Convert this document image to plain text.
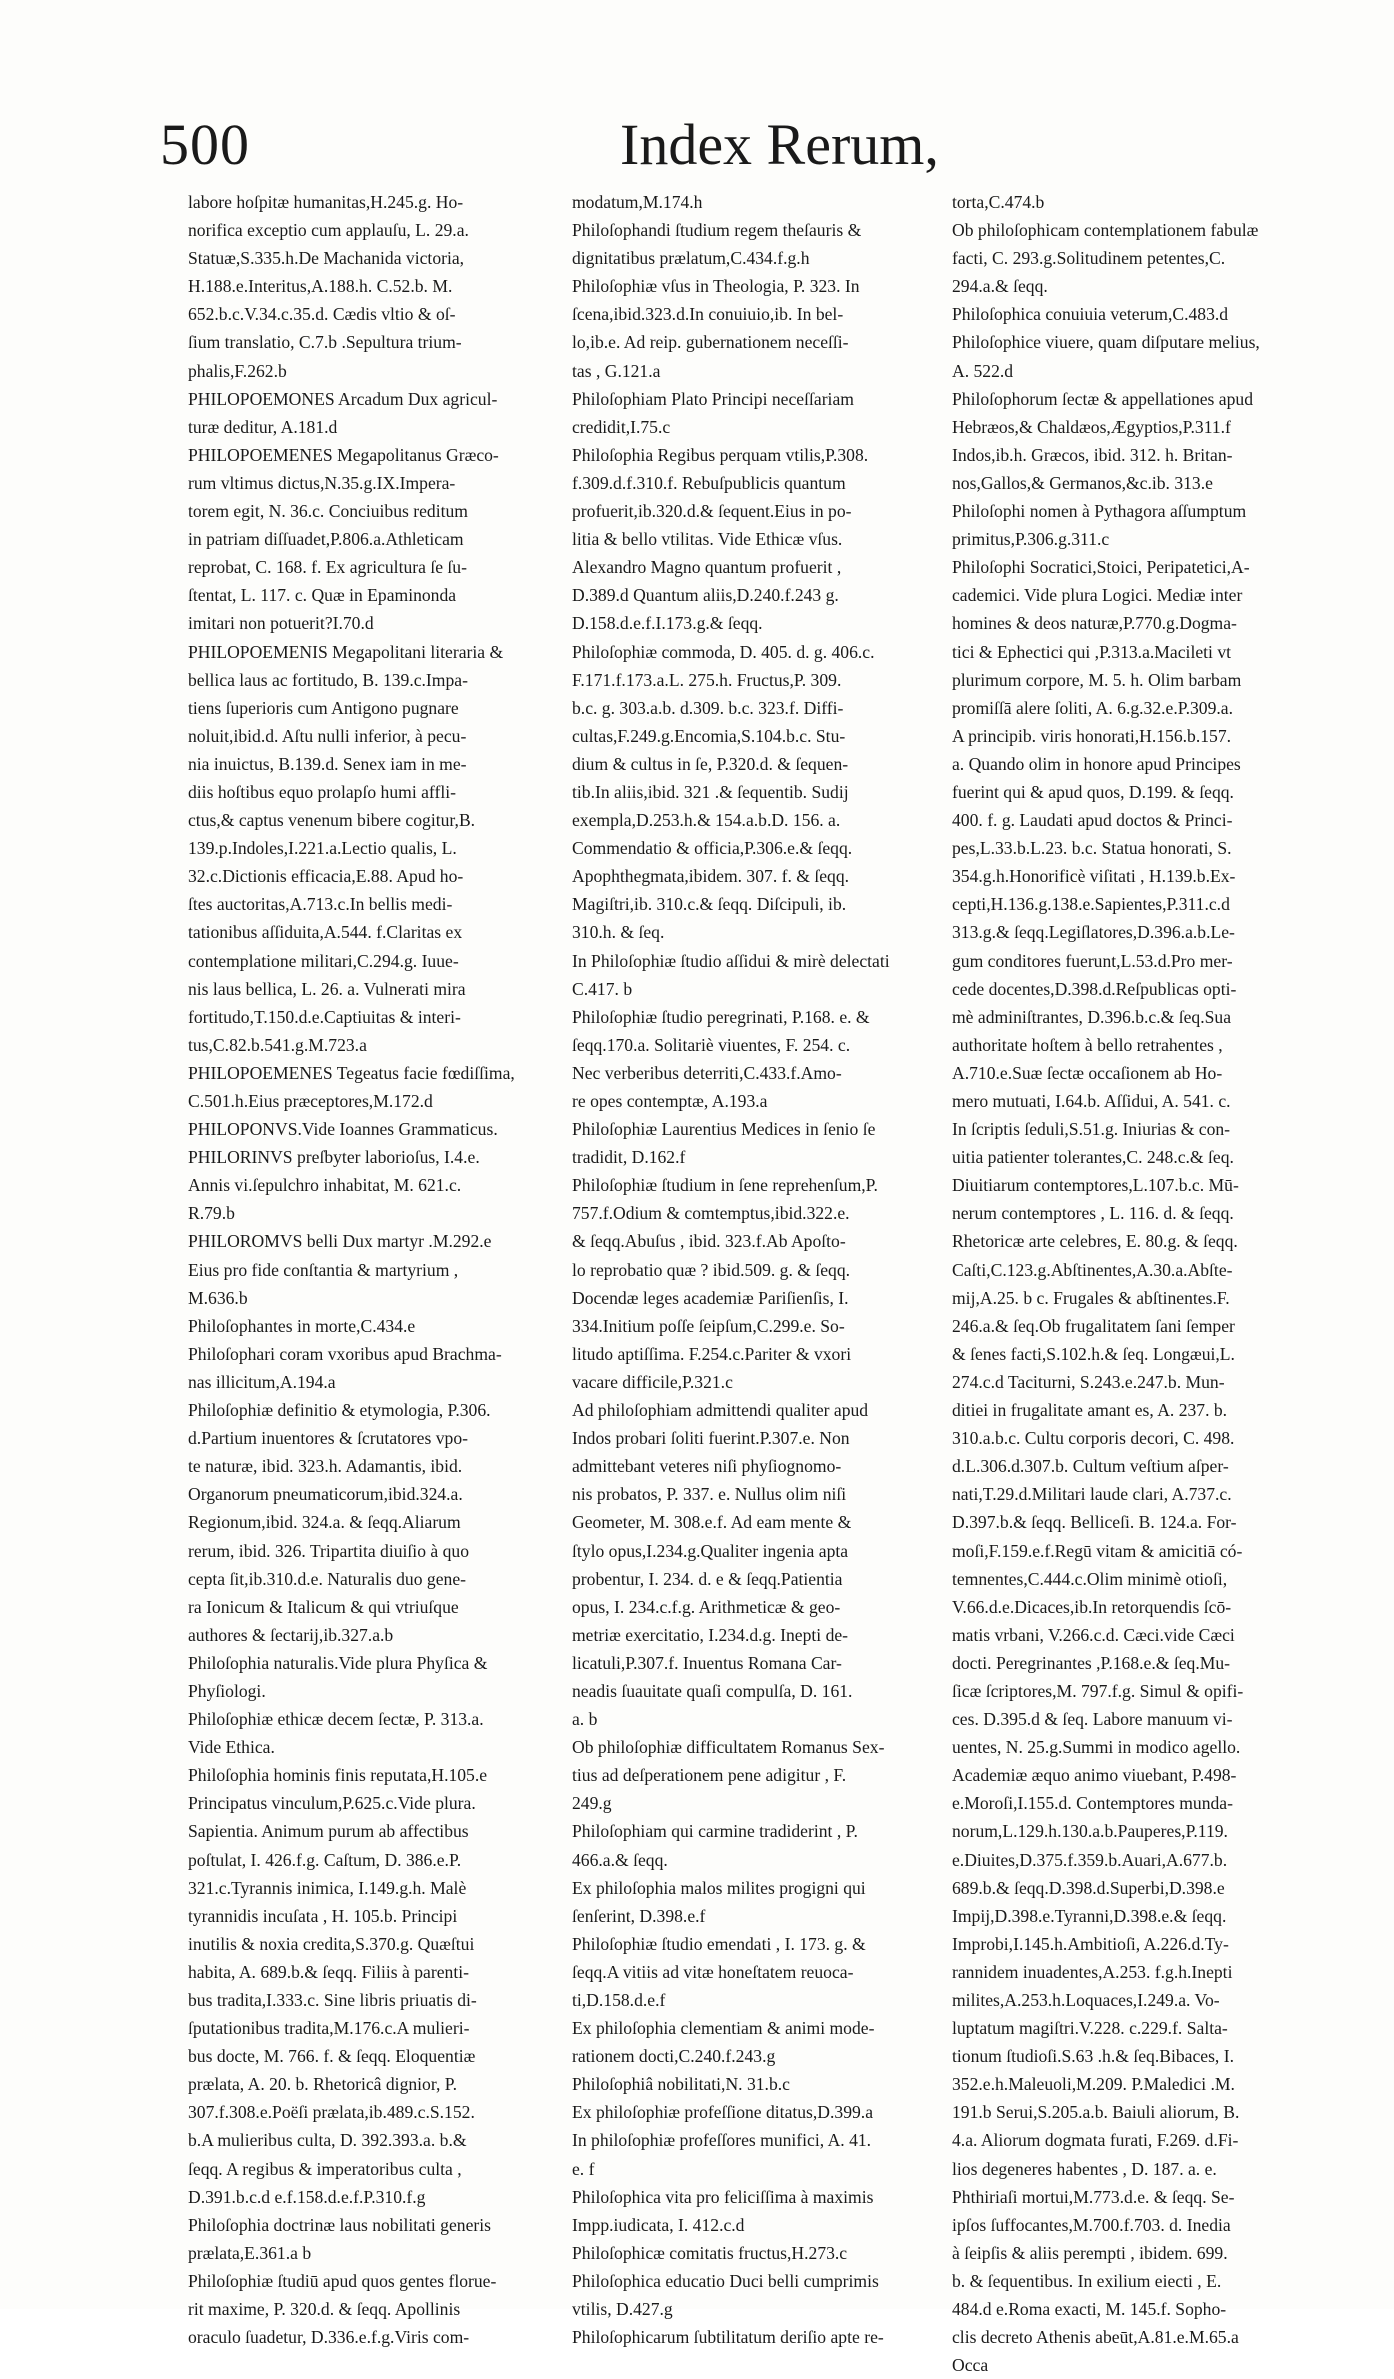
500	Index Rerum,
labore hoſpitæ humanitas,H.245.g. Ho-
norifica exceptio cum applauſu, L. 29.a.
Statuæ,S.335.h.De Machanida victoria,
H.188.e.Interitus,A.188.h. C.52.b. M.
652.b.c.V.34.c.35.d. Cædis vltio & oſ-
ſium translatio, C.7.b .Sepultura trium-
phalis,F.262.b
PHILOPOEMONES Arcadum Dux agricul-
turæ deditur, A.181.d
PHILOPOEMENES Megapolitanus Græco-
rum vltimus dictus,N.35.g.IX.Impera-
torem egit, N. 36.c. Conciuibus reditum
in patriam diſſuadet,P.806.a.Athleticam
reprobat, C. 168. f. Ex agricultura ſe ſu-
ſtentat, L. 117. c. Quæ in Epaminonda
imitari non potuerit?I.70.d
PHILOPOEMENIS Megapolitani literaria &
bellica laus ac fortitudo, B. 139.c.Impa-
tiens ſuperioris cum Antigono pugnare
noluit,ibid.d. Aſtu nulli inferior, à pecu-
nia inuictus, B.139.d. Senex iam in me-
diis hoſtibus equo prolapſo humi affli-
ctus,& captus venenum bibere cogitur,B.
139.p.Indoles,I.221.a.Lectio qualis, L.
32.c.Dictionis efficacia,E.88. Apud ho-
ſtes auctoritas,A.713.c.In bellis medi-
tationibus aſſiduita,A.544. f.Claritas ex
contemplatione militari,C.294.g. Iuue-
nis laus bellica, L. 26. a. Vulnerati mira
fortitudo,T.150.d.e.Captiuitas & interi-
tus,C.82.b.541.g.M.723.a
PHILOPOEMENES Tegeatus facie fœdiſſima,
C.501.h.Eius præceptores,M.172.d
PHILOPONVS.Vide Ioannes Grammaticus.
PHILORINVS preſbyter laborioſus, I.4.e.
Annis vi.ſepulchro inhabitat, M. 621.c.
R.79.b
PHILOROMVS belli Dux martyr .M.292.e
Eius pro fide conſtantia & martyrium ,
M.636.b
Philoſophantes in morte,C.434.e
Philoſophari coram vxoribus apud Brachma-
nas illicitum,A.194.a
Philoſophiæ definitio & etymologia, P.306.
d.Partium inuentores & ſcrutatores vpo-
te naturæ, ibid. 323.h. Adamantis, ibid.
Organorum pneumaticorum,ibid.324.a.
Regionum,ibid. 324.a. & ſeqq.Aliarum
rerum, ibid. 326. Tripartita diuiſio à quo
cepta ſit,ib.310.d.e. Naturalis duo gene-
ra Ionicum & Italicum & qui vtriuſque
authores & ſectarij,ib.327.a.b
Philoſophia naturalis.Vide plura Phyſica &
Phyſiologi.
Philoſophiæ ethicæ decem ſectæ, P. 313.a.
Vide Ethica.
Philoſophia hominis finis reputata,H.105.e
Principatus vinculum,P.625.c.Vide plura.
Sapientia. Animum purum ab affectibus
poſtulat, I. 426.f.g. Caſtum, D. 386.e.P.
321.c.Tyrannis inimica, I.149.g.h. Malè
tyrannidis incuſata , H. 105.b. Principi
inutilis & noxia credita,S.370.g. Quæſtui
habita, A. 689.b.& ſeqq. Filiis à parenti-
bus tradita,I.333.c. Sine libris priuatis di-
ſputationibus tradita,M.176.c.A mulieri-
bus docte, M. 766. f. & ſeqq. Eloquentiæ
prælata, A. 20. b. Rhetoricâ dignior, P.
307.f.308.e.Poëſi prælata,ib.489.c.S.152.
b.A mulieribus culta, D. 392.393.a. b.&
ſeqq. A regibus & imperatoribus culta ,
D.391.b.c.d e.f.158.d.e.f.P.310.f.g
Philoſophia doctrinæ laus nobilitati generis
prælata,E.361.a b
Philoſophiæ ſtudiū apud quos gentes florue-
rit maxime, P. 320.d. & ſeqq. Apollinis
oraculo ſuadetur, D.336.e.f.g.Viris com-
modatum,M.174.h
Philoſophandi ſtudium regem theſauris &
dignitatibus prælatum,C.434.f.g.h
Philoſophiæ vſus in Theologia, P. 323. In
ſcena,ibid.323.d.In conuiuio,ib. In bel-
lo,ib.e. Ad reip. gubernationem neceſſi-
tas , G.121.a
Philoſophiam Plato Principi neceſſariam
credidit,I.75.c
Philoſophia Regibus perquam vtilis,P.308.
f.309.d.f.310.f. Rebuſpublicis quantum
profuerit,ib.320.d.& ſequent.Eius in po-
litia & bello vtilitas. Vide Ethicæ vſus.
Alexandro Magno quantum profuerit ,
D.389.d Quantum aliis,D.240.f.243 g.
D.158.d.e.f.I.173.g.& ſeqq.
Philoſophiæ commoda, D. 405. d. g. 406.c.
F.171.f.173.a.L. 275.h. Fructus,P. 309.
b.c. g. 303.a.b. d.309. b.c. 323.f. Diffi-
cultas,F.249.g.Encomia,S.104.b.c. Stu-
dium & cultus in ſe, P.320.d. & ſequen-
tib.In aliis,ibid. 321 .& ſequentib. Sudij
exempla,D.253.h.& 154.a.b.D. 156. a.
Commendatio & officia,P.306.e.& ſeqq.
Apophthegmata,ibidem. 307. f. & ſeqq.
Magiſtri,ib. 310.c.& ſeqq. Diſcipuli, ib.
310.h. & ſeq.
In Philoſophiæ ſtudio aſſidui & mirè delectati
C.417. b
Philoſophiæ ſtudio peregrinati, P.168. e. &
ſeqq.170.a. Solitariè viuentes, F. 254. c.
Nec verberibus deterriti,C.433.f.Amo-
re opes contemptæ, A.193.a
Philoſophiæ Laurentius Medices in ſenio ſe
tradidit, D.162.f
Philoſophiæ ſtudium in ſene reprehenſum,P.
757.f.Odium & comtemptus,ibid.322.e.
& ſeqq.Abuſus , ibid. 323.f.Ab Apoſto-
lo reprobatio quæ ? ibid.509. g. & ſeqq.
Docendæ leges academiæ Pariſienſis, I.
334.Initium poſſe ſeipſum,C.299.e. So-
litudo aptiſſima. F.254.c.Pariter & vxori
vacare difficile,P.321.c
Ad philoſophiam admittendi qualiter apud
Indos probari ſoliti fuerint.P.307.e. Non
admittebant veteres niſi phyſiognomo-
nis probatos, P. 337. e. Nullus olim niſi
Geometer, M. 308.e.f. Ad eam mente &
ſtylo opus,I.234.g.Qualiter ingenia apta
probentur, I. 234. d. e & ſeqq.Patientia
opus, I. 234.c.f.g. Arithmeticæ & geo-
metriæ exercitatio, I.234.d.g. Inepti de-
licatuli,P.307.f. Inuentus Romana Car-
neadis ſuauitate quaſi compulſa, D. 161.
a. b
Ob philoſophiæ difficultatem Romanus Sex-
tius ad deſperationem pene adigitur , F.
249.g
Philoſophiam qui carmine tradiderint , P.
466.a.& ſeqq.
Ex philoſophia malos milites progigni qui
ſenſerint, D.398.e.f
Philoſophiæ ſtudio emendati , I. 173. g. &
ſeqq.A vitiis ad vitæ honeſtatem reuoca-
ti,D.158.d.e.f
Ex philoſophia clementiam & animi mode-
rationem docti,C.240.f.243.g
Philoſophiâ nobilitati,N. 31.b.c
Ex philoſophiæ profeſſione ditatus,D.399.a
In philoſophiæ profeſſores munifici, A. 41.
e. f
Philoſophica vita pro feliciſſima à maximis
Impp.iudicata, I. 412.c.d
Philoſophicæ comitatis fructus,H.273.c
Philoſophica educatio Duci belli cumprimis
vtilis, D.427.g
Philoſophicarum ſubtilitatum deriſio apte re-
torta,C.474.b
Ob philoſophicam contemplationem fabulæ
facti, C. 293.g.Solitudinem petentes,C.
294.a.& ſeqq.
Philoſophica conuiuia veterum,C.483.d
Philoſophice viuere, quam diſputare melius,
A. 522.d
Philoſophorum ſectæ & appellationes apud
Hebræos,& Chaldæos,Ægyptios,P.311.f
Indos,ib.h. Græcos, ibid. 312. h. Britan-
nos,Gallos,& Germanos,&c.ib. 313.e
Philoſophi nomen à Pythagora aſſumptum
primitus,P.306.g.311.c
Philoſophi Socratici,Stoici, Peripatetici,A-
cademici. Vide plura Logici. Mediæ inter
homines & deos naturæ,P.770.g.Dogma-
tici & Ephectici qui ,P.313.a.Macileti vt
plurimum corpore, M. 5. h. Olim barbam
promiſſā alere ſoliti, A. 6.g.32.e.P.309.a.
A principib. viris honorati,H.156.b.157.
a. Quando olim in honore apud Principes
fuerint qui & apud quos, D.199. & ſeqq.
400. f. g. Laudati apud doctos & Princi-
pes,L.33.b.L.23. b.c. Statua honorati, S.
354.g.h.Honorificè viſitati , H.139.b.Ex-
cepti,H.136.g.138.e.Sapientes,P.311.c.d
313.g.& ſeqq.Legiſlatores,D.396.a.b.Le-
gum conditores fuerunt,L.53.d.Pro mer-
cede docentes,D.398.d.Reſpublicas opti-
mè adminiſtrantes, D.396.b.c.& ſeq.Sua
authoritate hoſtem à bello retrahentes ,
A.710.e.Suæ ſectæ occaſionem ab Ho-
mero mutuati, I.64.b. Aſſidui, A. 541. c.
In ſcriptis ſeduli,S.51.g. Iniurias & con-
uitia patienter tolerantes,C. 248.c.& ſeq.
Diuitiarum contemptores,L.107.b.c. Mū-
nerum contemptores , L. 116. d. & ſeqq.
Rhetoricæ arte celebres, E. 80.g. & ſeqq.
Caſti,C.123.g.Abſtinentes,A.30.a.Abſte-
mij,A.25. b c. Frugales & abſtinentes.F.
246.a.& ſeq.Ob frugalitatem ſani ſemper
& ſenes facti,S.102.h.& ſeq. Longæui,L.
274.c.d Taciturni, S.243.e.247.b. Mun-
ditiei in frugalitate amant es, A. 237. b.
310.a.b.c. Cultu corporis decori, C. 498.
d.L.306.d.307.b. Cultum veſtium aſper-
nati,T.29.d.Militari laude clari, A.737.c.
D.397.b.& ſeqq. Belliceſi. B. 124.a. For-
moſi,F.159.e.f.Regū vitam & amicitiā có-
temnentes,C.444.c.Olim minimè otioſi,
V.66.d.e.Dicaces,ib.In retorquendis ſcō-
matis vrbani, V.266.c.d. Cæci.vide Cæci
docti. Peregrinantes ,P.168.e.& ſeq.Mu-
ſicæ ſcriptores,M. 797.f.g. Simul & opifi-
ces. D.395.d & ſeq. Labore manuum vi-
uentes, N. 25.g.Summi in modico agello.
Academiæ æquo animo viuebant, P.498-
e.Moroſi,I.155.d. Contemptores munda-
norum,L.129.h.130.a.b.Pauperes,P.119.
e.Diuites,D.375.f.359.b.Auari,A.677.b.
689.b.& ſeqq.D.398.d.Superbi,D.398.e
Impij,D.398.e.Tyranni,D.398.e.& ſeqq.
Improbi,I.145.h.Ambitioſi, A.226.d.Ty-
rannidem inuadentes,A.253. f.g.h.Inepti
milites,A.253.h.Loquaces,I.249.a. Vo-
luptatum magiſtri.V.228. c.229.f. Salta-
tionum ſtudioſi.S.63 .h.& ſeq.Bibaces, I.
352.e.h.Maleuoli,M.209. P.Maledici .M.
191.b Serui,S.205.a.b. Baiuli aliorum, B.
4.a. Aliorum dogmata furati, F.269. d.Fi-
lios degeneres habentes , D. 187. a. e.
Phthiriaſi mortui,M.773.d.e. & ſeqq. Se-
ipſos ſuffocantes,M.700.f.703. d. Inedia
à ſeipſis & aliis perempti , ibidem. 699.
b. & ſequentibus. In exilium eiecti , E.
484.d e.Roma exacti, M. 145.f. Sopho-
clis decreto Athenis abeūt,A.81.e.M.65.a
Occa
